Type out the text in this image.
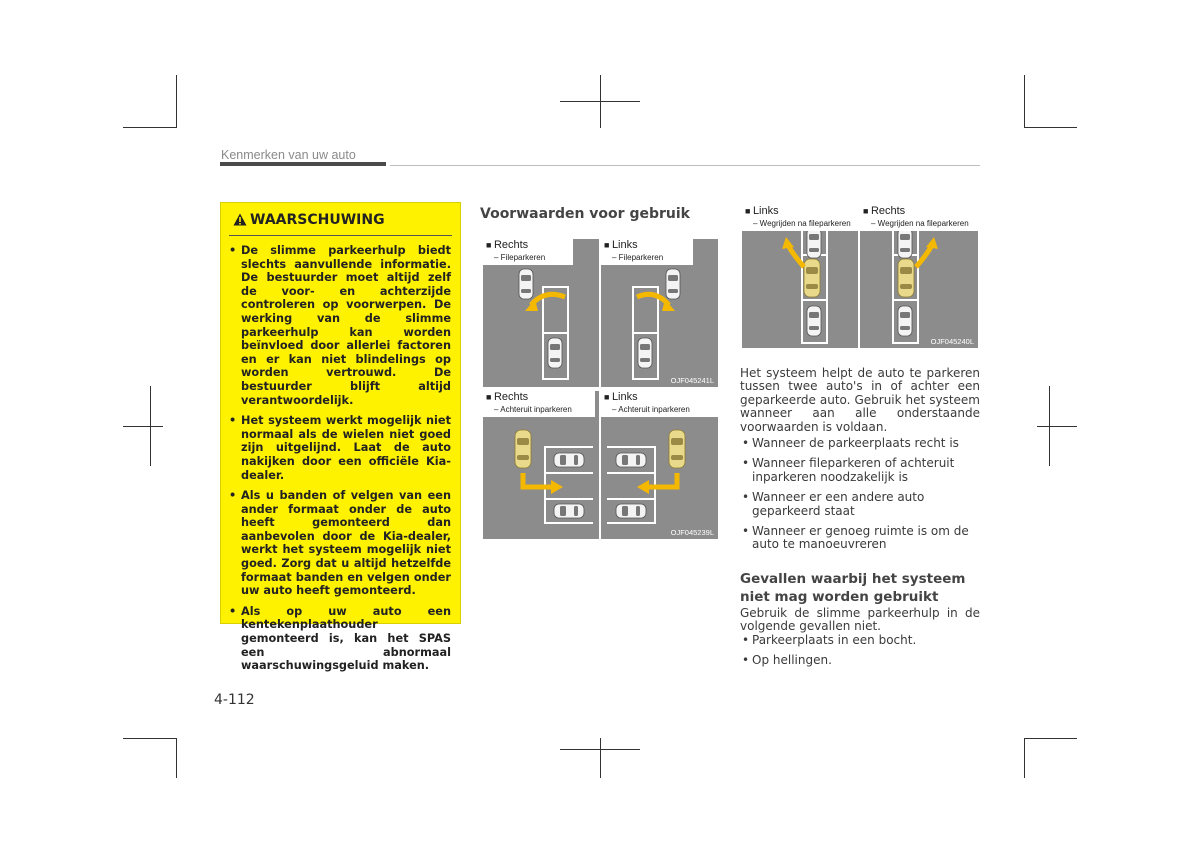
Kenmerken van uw auto
WAARSCHUWING
• De slimme parkeerhulp biedt slechts aanvullende informatie. De bestuurder moet altijd zelf de voor- en achterzijde controleren op voorwerpen. De werking van de slimme parkeerhulp kan worden beïnvloed door allerlei factoren en er kan niet blindelings op worden vertrouwd. De bestuurder blijft altijd verantwoordelijk.
• Het systeem werkt mogelijk niet normaal als de wielen niet goed zijn uitgelijnd. Laat de auto nakijken door een officiële Kia-dealer.
• Als u banden of velgen van een ander formaat onder de auto heeft gemonteerd dan aanbevolen door de Kia-dealer, werkt het systeem mogelijk niet goed. Zorg dat u altijd hetzelfde formaat banden en velgen onder uw auto heeft gemonteerd.
• Als op uw auto een kentekenplaathouder gemonteerd is, kan het SPAS een abnormaal waarschuwingsgeluid maken.
Voorwaarden voor gebruik
■ Rechts
– Fileparkeren
■ Links
– Fileparkeren
OJF045241L
■ Rechts
– Achteruit inparkeren
■ Links
– Achteruit inparkeren
OJF045239L
■ Links
– Wegrijden na fileparkeren
■ Rechts
– Wegrijden na fileparkeren
OJF045240L
Het systeem helpt de auto te parkeren tussen twee auto's in of achter een geparkeerde auto. Gebruik het systeem wanneer aan alle onderstaande voorwaarden is voldaan.
• Wanneer de parkeerplaats recht is
• Wanneer fileparkeren of achteruit inparkeren noodzakelijk is
• Wanneer er een andere auto geparkeerd staat
• Wanneer er genoeg ruimte is om de auto te manoeuvreren
Gevallen waarbij het systeem niet mag worden gebruikt
Gebruik de slimme parkeerhulp in de volgende gevallen niet.
• Parkeerplaats in een bocht.
• Op hellingen.
4-112
